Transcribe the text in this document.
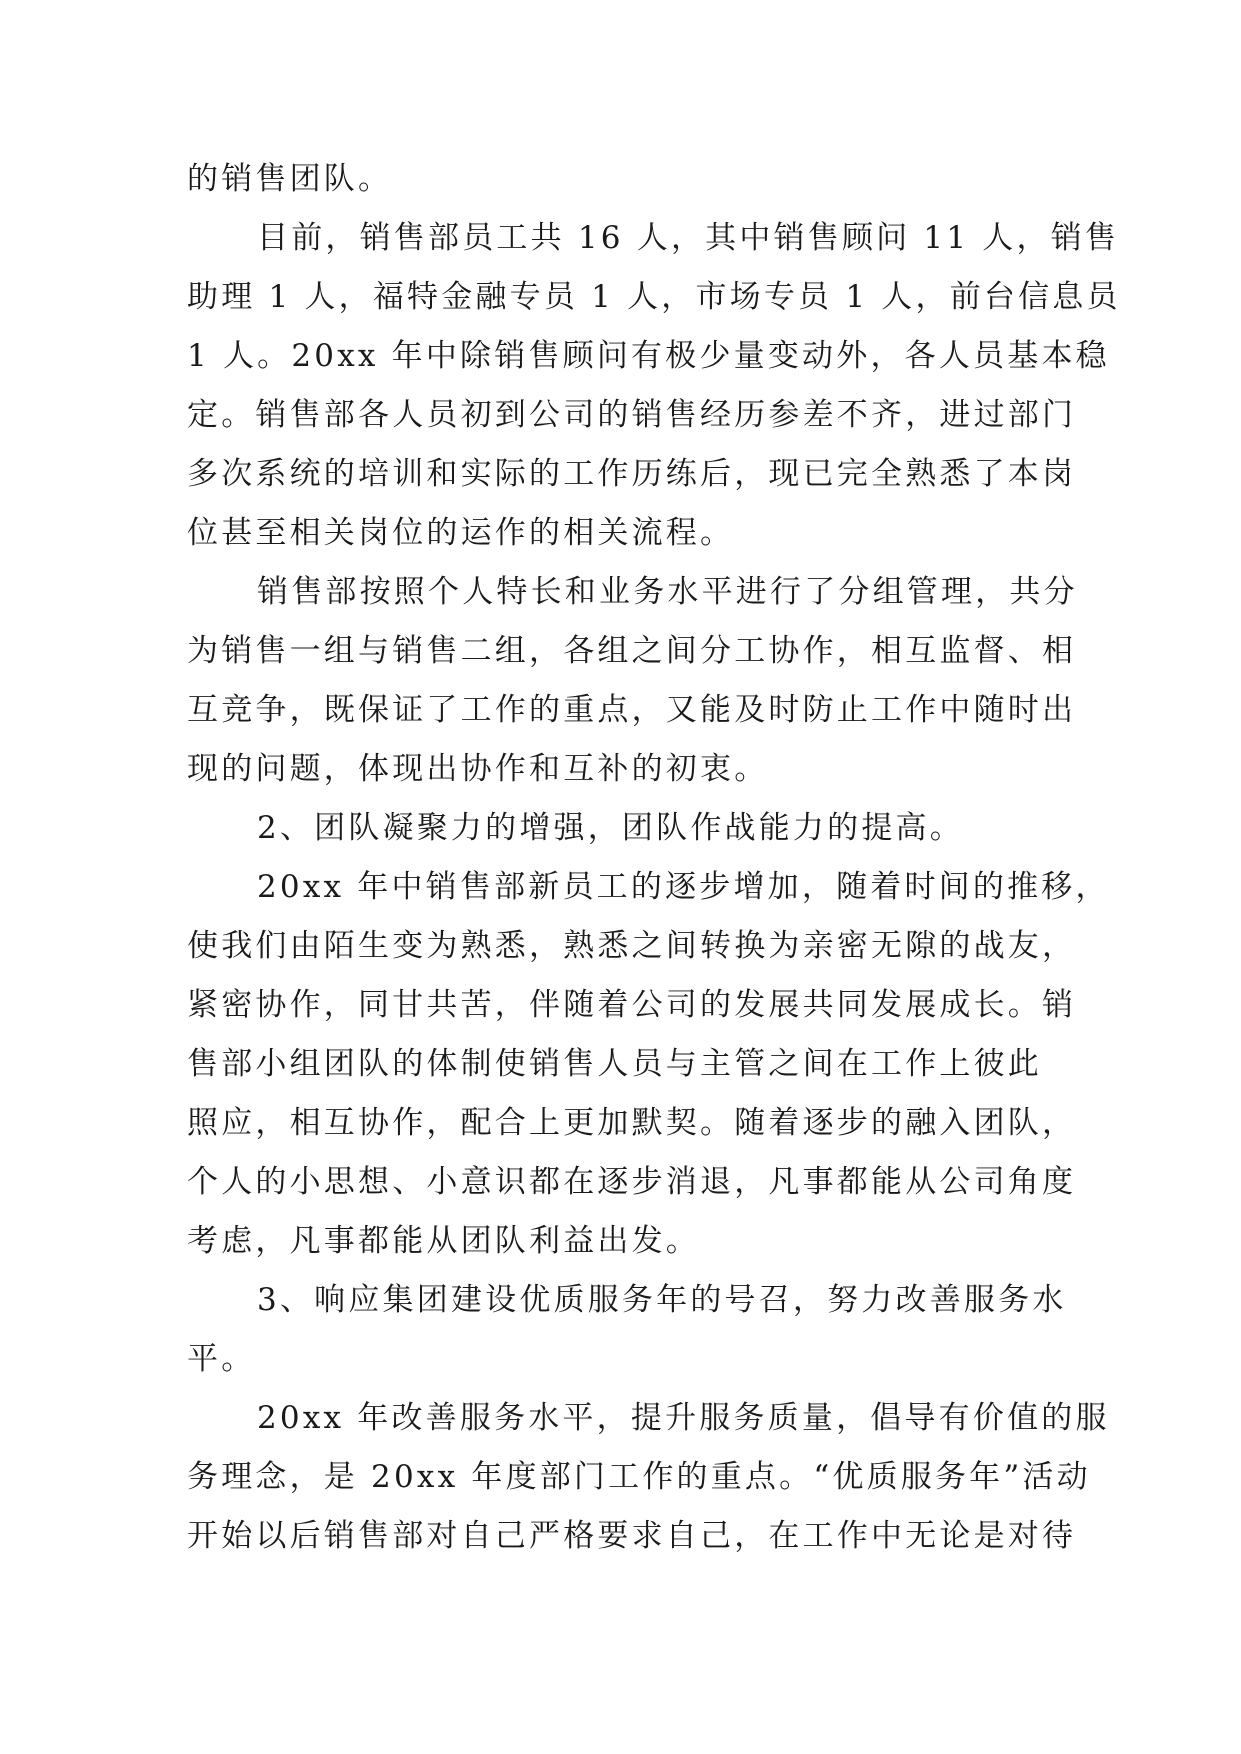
的销售团队。
目前，销售部员工共 16 人，其中销售顾问 11 人，销售
助理 1 人，福特金融专员 1 人，市场专员 1 人，前台信息员
1 人。20xx 年中除销售顾问有极少量变动外，各人员基本稳
定。销售部各人员初到公司的销售经历参差不齐，进过部门
多次系统的培训和实际的工作历练后，现已完全熟悉了本岗
位甚至相关岗位的运作的相关流程。
销售部按照个人特长和业务水平进行了分组管理，共分
为销售一组与销售二组，各组之间分工协作，相互监督、相
互竞争，既保证了工作的重点，又能及时防止工作中随时出
现的问题，体现出协作和互补的初衷。
2、团队凝聚力的增强，团队作战能力的提高。
20xx 年中销售部新员工的逐步增加，随着时间的推移，
使我们由陌生变为熟悉，熟悉之间转换为亲密无隙的战友，
紧密协作，同甘共苦，伴随着公司的发展共同发展成长。销
售部小组团队的体制使销售人员与主管之间在工作上彼此
照应，相互协作，配合上更加默契。随着逐步的融入团队，
个人的小思想、小意识都在逐步消退，凡事都能从公司角度
考虑，凡事都能从团队利益出发。
3、响应集团建设优质服务年的号召，努力改善服务水
平。
20xx 年改善服务水平，提升服务质量，倡导有价值的服
务理念，是 20xx 年度部门工作的重点。“优质服务年”活动
开始以后销售部对自己严格要求自己，在工作中无论是对待
